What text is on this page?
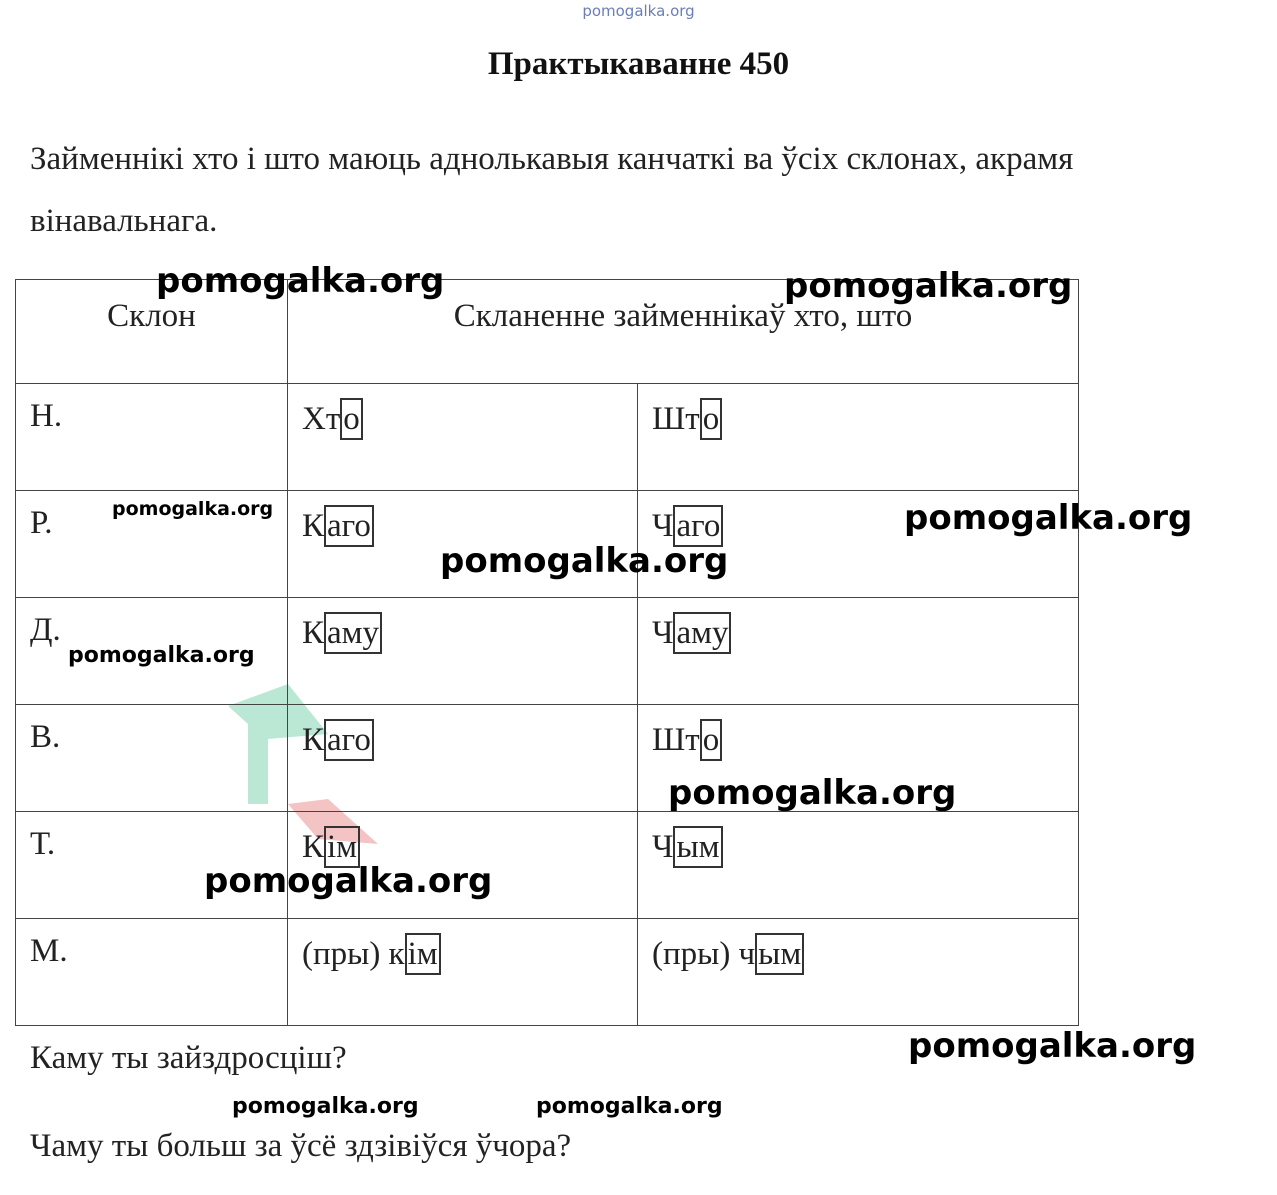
pomogalka.org
Практыкаванне 450
Займеннікі хто і што маюць аднолькавыя канчаткі ва ўсіх склонах, акрамя вінавальнага.
Склон	Скланенне займеннікаў хто, што	
Н.	Хто	Што
Р.	Каго	Чаго
Д.	Каму	Чаму
В.	Каго	Што
Т.	Кім	Чым
М.	(пры) кім	(пры) чым
Каму ты зайздросціш?
Чаму ты больш за ўсё здзівіўся ўчора?
pomogalka.org	pomogalka.org
pomogalka.org	pomogalka.org
pomogalka.org
pomogalka.org
pomogalka.org
pomogalka.org
pomogalka.org
pomogalka.org	pomogalka.org
